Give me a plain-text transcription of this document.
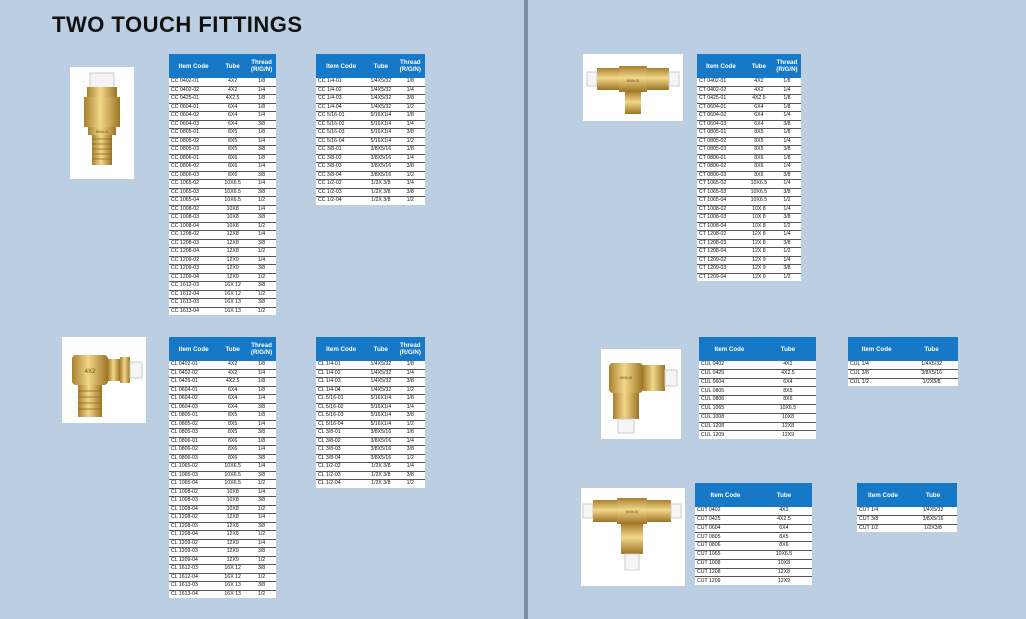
TWO TOUCH FITTINGS
8Wh-B
4X2
8Wh-B
8Wh-B
8Wh-B
Item Code	Tube	Thread
(R/G/N)
CC 0402-01	4X2	1/8
CC 0402-02	4X2	1/4
CC 0425-01	4X2.5	1/8
CC 0604-01	6X4	1/8
CC 0604-02	6X4	1/4
CC 0604-03	6X4	3/8
CC 0805-01	8X5	1/8
CC 0805-02	8X5	1/4
CC 0805-03	8X5	3/8
CC 0806-01	8X6	1/8
CC 0806-02	8X6	1/4
CC 0806-03	8X6	3/8
CC 1065-02	10X6.5	1/4
CC 1065-03	10X6.5	3/8
CC 1065-04	10X6.5	1/2
CC 1008-02	10X8	1/4
CC 1008-03	10X8	3/8
CC 1008-04	10X8	1/2
CC 1208-02	12X8	1/4
CC 1208-03	12X8	3/8
CC 1208-04	12X8	1/2
CC 1209-02	12X9	1/4
CC 1209-03	12X9	3/8
CC 1209-04	12X9	1/2
CC 1612-03	16X 12	3/8
CC 1612-04	16X 12	1/2
CC 1613-03	16X 13	3/8
CC 1613-04	16X 13	1/2
Item Code	Tube	Thread
(R/G/N)
CC 1/4-01	1/4X5/32	1/8
CC 1/4-02	1/4X5/32	1/4
CC 1/4-03	1/4X5/32	3/8
CC 1/4-04	1/4X5/32	1/2
CC 5/16-01	5/16X1/4	1/8
CC 5/16-02	5/16X1/4	1/4
CC 5/16-03	5/16X1/4	3/8
CC 5/16-04	5/16X1/4	1/2
CC 3/8-01	3/8X5/16	1/8
CC 3/8-02	3/8X5/16	1/4
CC 3/8-03	3/8X5/16	3/8
CC 3/8-04	3/8X5/16	1/2
CC 1/2-02	1/2X 3/8	1/4
CC 1/2-03	1/2X 3/8	3/8
CC 1/2-04	1/2X 3/8	1/2
Item Code	Tube	Thread
(R/G/N)
CL 0402-01	4X2	1/8
CL 0402-02	4X2	1/4
CL 0425-01	4X2.5	1/8
CL 0604-01	6X4	1/8
CL 0604-02	6X4	1/4
CL 0604-03	6X4	3/8
CL 0805-01	8X5	1/8
CL 0805-02	8X5	1/4
CL 0805-03	8X5	3/8
CL 0806-01	8X6	1/8
CL 0806-02	8X6	1/4
CL 0806-03	8X6	3/8
CL 1065-02	10X6.5	1/4
CL 1065-03	10X6.5	3/8
CL 1065-04	10X6.5	1/2
CL 1008-02	10X8	1/4
CL 1008-03	10X8	3/8
CL 1008-04	10X8	1/2
CL 1208-02	12X8	1/4
CL 1208-03	12X8	3/8
CL 1208-04	12X8	1/2
CL 1209-02	12X9	1/4
CL 1209-03	12X9	3/8
CL 1209-04	12X9	1/2
CL 1612-03	16X 12	3/8
CL 1612-04	16X 12	1/2
CL 1613-03	16X 13	3/8
CL 1613-04	16X 13	1/2
Item Code	Tube	Thread
(R/G/N)
CL 1/4-01	1/4X5/32	1/8
CL 1/4-02	1/4X5/32	1/4
CL 1/4-03	1/4X5/32	3/8
CL 1/4-04	1/4X5/32	1/2
CL 5/16-01	5/16X1/4	1/8
CL 5/16-02	5/16X1/4	1/4
CL 5/16-03	5/16X1/4	3/8
CL 5/16-04	5/16X1/4	1/2
CL 3/8-01	3/8X5/16	1/8
CL 3/8-02	3/8X5/16	1/4
CL 3/8-03	3/8X5/16	3/8
CL 3/8-04	3/8X5/16	1/2
CL 1/2-02	1/2X 3/8	1/4
CL 1/2-03	1/2X 3/8	3/8
CL 1/2-04	1/2X 3/8	1/2
Item Code	Tube	Thread
(R/G/N)
CT 0402-01	4X2	1/8
CT 0402-02	4X2	1/4
CT 0425-01	4X2.5	1/8
CT 0604-01	6X4	1/8
CT 0604-02	6X4	1/4
CT 0604-03	6X4	3/8
CT 0805-01	8X5	1/8
CT 0805-02	8X5	1/4
CT 0805-03	8X5	3/8
CT 0806-01	8X6	1/8
CT 0806-02	8X6	1/4
CT 0806-03	8X6	3/8
CT 1065-02	10X6.5	1/4
CT 1065-03	10X6.5	3/8
CT 1065-04	10X6.5	1/2
CT 1008-02	10X 8	1/4
CT 1008-03	10X 8	3/8
CT 1008-04	10X 8	1/2
CT 1208-02	12X 8	1/4
CT 1208-03	12X 8	3/8
CT 1208-04	12X 8	1/2
CT 1209-02	12X 9	1/4
CT 1209-03	12X 9	3/8
CT 1209-04	12X 9	1/2
Item Code	Tube
CUL 0402	4X2
CUL 0425	4X2.5
CUL 0604	6X4
CUL 0805	8X5
CUL 0806	8X6
CUL 1065	10X6.5
CUL 1008	10X8
CUL 1208	12X8
CUL 1209	12X9
Item Code	Tube
CUL 1/4	1/4X5/32
CUL 3/8	3/8X5/16
CUL 1/2	1/2X3/8
Item Code	Tube
CUT 0402	4X2
CUT 0425	4X2.5
CUT 0604	6X4
CUT 0805	8X5
CUT 0806	8X6
CUT 1065	10X6.5
CUT 1008	10X8
CUT 1208	12X8
CUT 1209	12X9
Item Code	Tube
CUT 1/4	1/4X5/32
CUT 3/8	3/8X5/16
CUT 1/2	1/2X3/8
